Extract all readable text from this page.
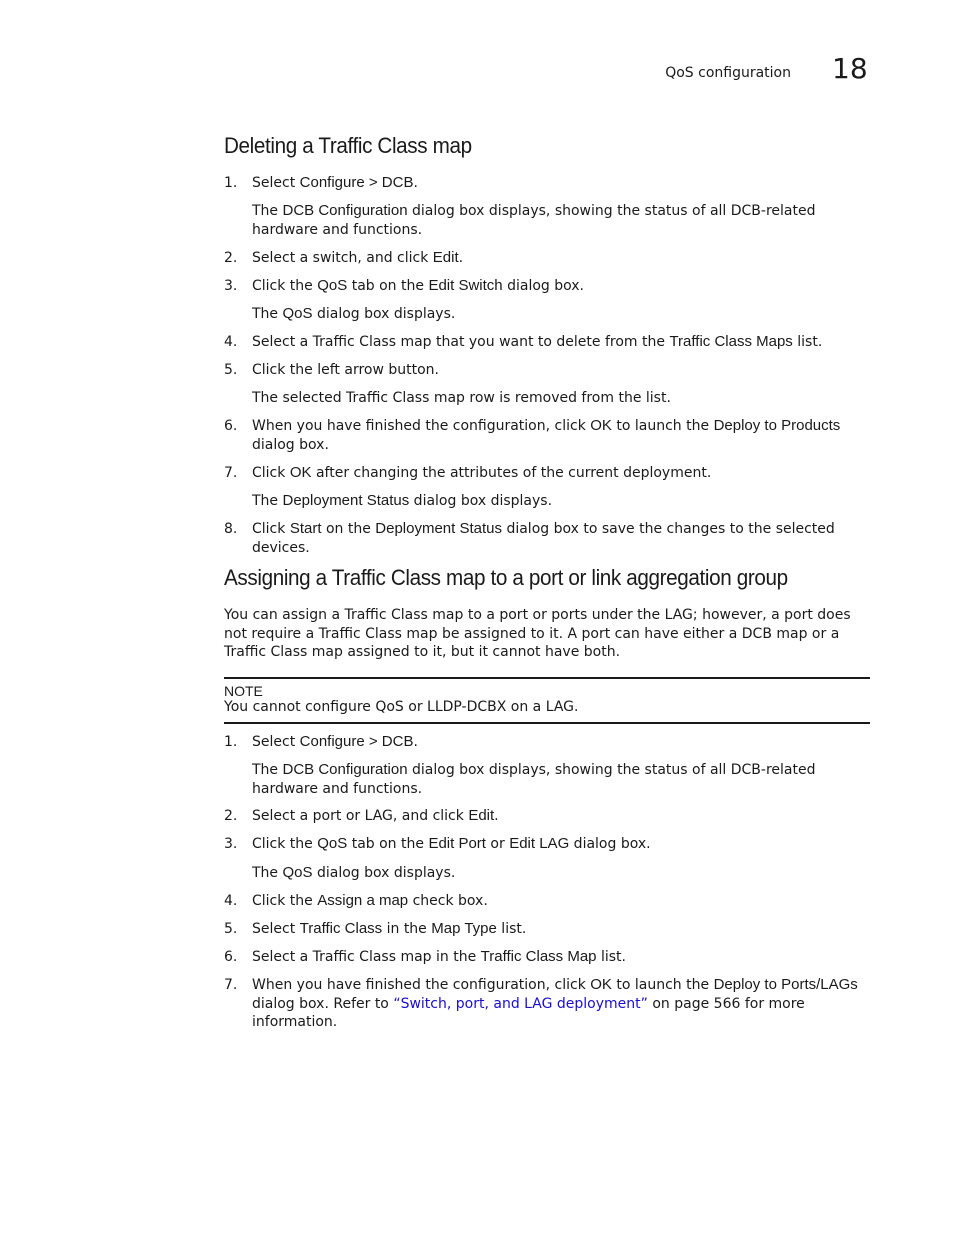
QoS configuration 18
Deleting a Traffic Class map
1. Select Configure > DCB.
The DCB Configuration dialog box displays, showing the status of all DCB-related hardware and functions.
2. Select a switch, and click Edit.
3. Click the QoS tab on the Edit Switch dialog box.
The QoS dialog box displays.
4. Select a Traffic Class map that you want to delete from the Traffic Class Maps list.
5. Click the left arrow button.
The selected Traffic Class map row is removed from the list.
6. When you have finished the configuration, click OK to launch the Deploy to Products dialog box.
7. Click OK after changing the attributes of the current deployment.
The Deployment Status dialog box displays.
8. Click Start on the Deployment Status dialog box to save the changes to the selected devices.
Assigning a Traffic Class map to a port or link aggregation group

You can assign a Traffic Class map to a port or ports under the LAG; however, a port does not require a Traffic Class map be assigned to it. A port can have either a DCB map or a Traffic Class map assigned to it, but it cannot have both.

NOTE
You cannot configure QoS or LLDP-DCBX on a LAG.
1. Select Configure > DCB.
The DCB Configuration dialog box displays, showing the status of all DCB-related hardware and functions.
2. Select a port or LAG, and click Edit.
3. Click the QoS tab on the Edit Port or Edit LAG dialog box.
The QoS dialog box displays.
4. Click the Assign a map check box.
5. Select Traffic Class in the Map Type list.
6. Select a Traffic Class map in the Traffic Class Map list.
7. When you have finished the configuration, click OK to launch the Deploy to Ports/LAGs dialog box. Refer to “Switch, port, and LAG deployment” on page 566 for more information.
